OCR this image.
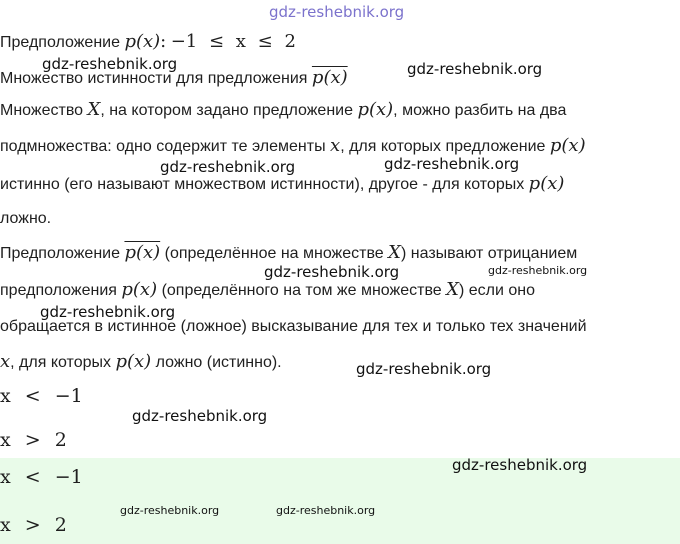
gdz-reshebnik.org
Предположение p(x): −1 ≤ x ≤ 2
gdz-reshebnik.org
Множество истинности для предложения p(x)	gdz-reshebnik.org
Множество X, на котором задано предложение p(x), можно разбить на два
подмножества: одно содержит те элементы x, для которых предложение p(x)
gdz-reshebnik.org	gdz-reshebnik.org
истинно (его называют множеством истинности), другое - для которых p(x)
ложно.
Предположение p(x) (определённое на множестве X) называют отрицанием
gdz-reshebnik.org	gdz-reshebnik.org
предположения p(x) (определённого на том же множестве X) если оно
gdz-reshebnik.org
обращается в истинное (ложное) высказывание для тех и только тех значений
x, для которых p(x) ложно (истинно).	gdz-reshebnik.org
x < −1
gdz-reshebnik.org
x > 2
gdz-reshebnik.org
x < −1
gdz-reshebnik.org	gdz-reshebnik.org
x > 2
